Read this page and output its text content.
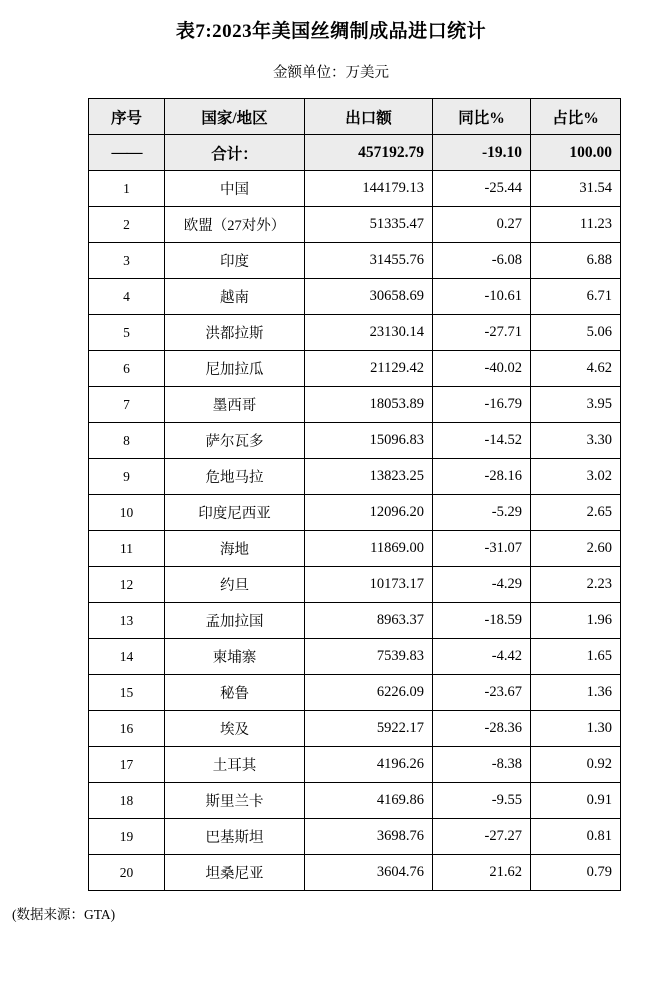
表7:2023年美国丝绸制成品进口统计
金额单位：万美元
序号	国家/地区	出口额	同比%	占比%
——	合计：	457192.79	-19.10	100.00
1	中国	144179.13	-25.44	31.54
2	欧盟（27对外）	51335.47	0.27	11.23
3	印度	31455.76	-6.08	6.88
4	越南	30658.69	-10.61	6.71
5	洪都拉斯	23130.14	-27.71	5.06
6	尼加拉瓜	21129.42	-40.02	4.62
7	墨西哥	18053.89	-16.79	3.95
8	萨尔瓦多	15096.83	-14.52	3.30
9	危地马拉	13823.25	-28.16	3.02
10	印度尼西亚	12096.20	-5.29	2.65
11	海地	11869.00	-31.07	2.60
12	约旦	10173.17	-4.29	2.23
13	孟加拉国	8963.37	-18.59	1.96
14	柬埔寨	7539.83	-4.42	1.65
15	秘鲁	6226.09	-23.67	1.36
16	埃及	5922.17	-28.36	1.30
17	土耳其	4196.26	-8.38	0.92
18	斯里兰卡	4169.86	-9.55	0.91
19	巴基斯坦	3698.76	-27.27	0.81
20	坦桑尼亚	3604.76	21.62	0.79
(数据来源：GTA)
